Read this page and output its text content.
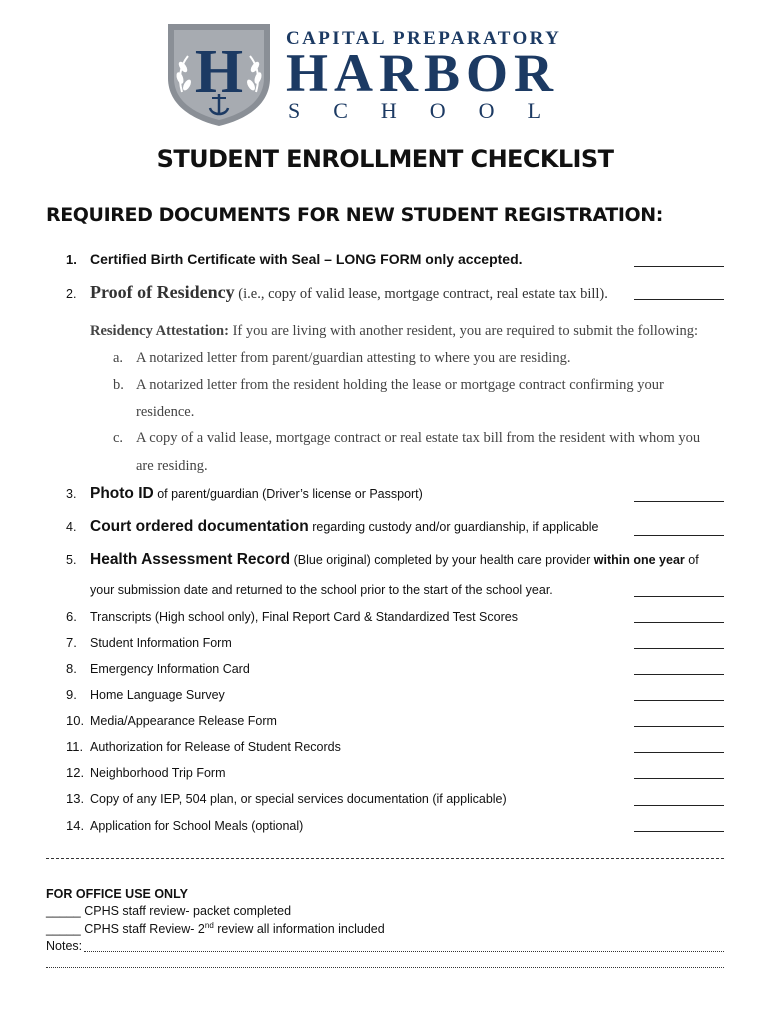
H CAPITAL PREPARATORY
HARBOR
SCHOOL
STUDENT ENROLLMENT CHECKLIST
REQUIRED DOCUMENTS FOR NEW STUDENT REGISTRATION:
1. Certified Birth Certificate with Seal – LONG FORM only accepted.
2. Proof of Residency (i.e., copy of valid lease, mortgage contract, real estate tax bill).
Residency Attestation: If you are living with another resident, you are required to submit the following:
a. A notarized letter from parent/guardian attesting to where you are residing.
b. A notarized letter from the resident holding the lease or mortgage contract confirming your
residence.
c. A copy of a valid lease, mortgage contract or real estate tax bill from the resident with whom you
are residing.
3. Photo ID of parent/guardian (Driver’s license or Passport)
4. Court ordered documentation regarding custody and/or guardianship, if applicable
5. Health Assessment Record (Blue original) completed by your health care provider within one year of
your submission date and returned to the school prior to the start of the school year.
6. Transcripts (High school only), Final Report Card & Standardized Test Scores
7. Student Information Form
8. Emergency Information Card
9. Home Language Survey
10. Media/Appearance Release Form
11. Authorization for Release of Student Records
12. Neighborhood Trip Form
13. Copy of any IEP, 504 plan, or special services documentation (if applicable)
14. Application for School Meals (optional)
FOR OFFICE USE ONLY
_____ CPHS staff review- packet completed
_____ CPHS staff Review- 2nd review all information included
Notes:
